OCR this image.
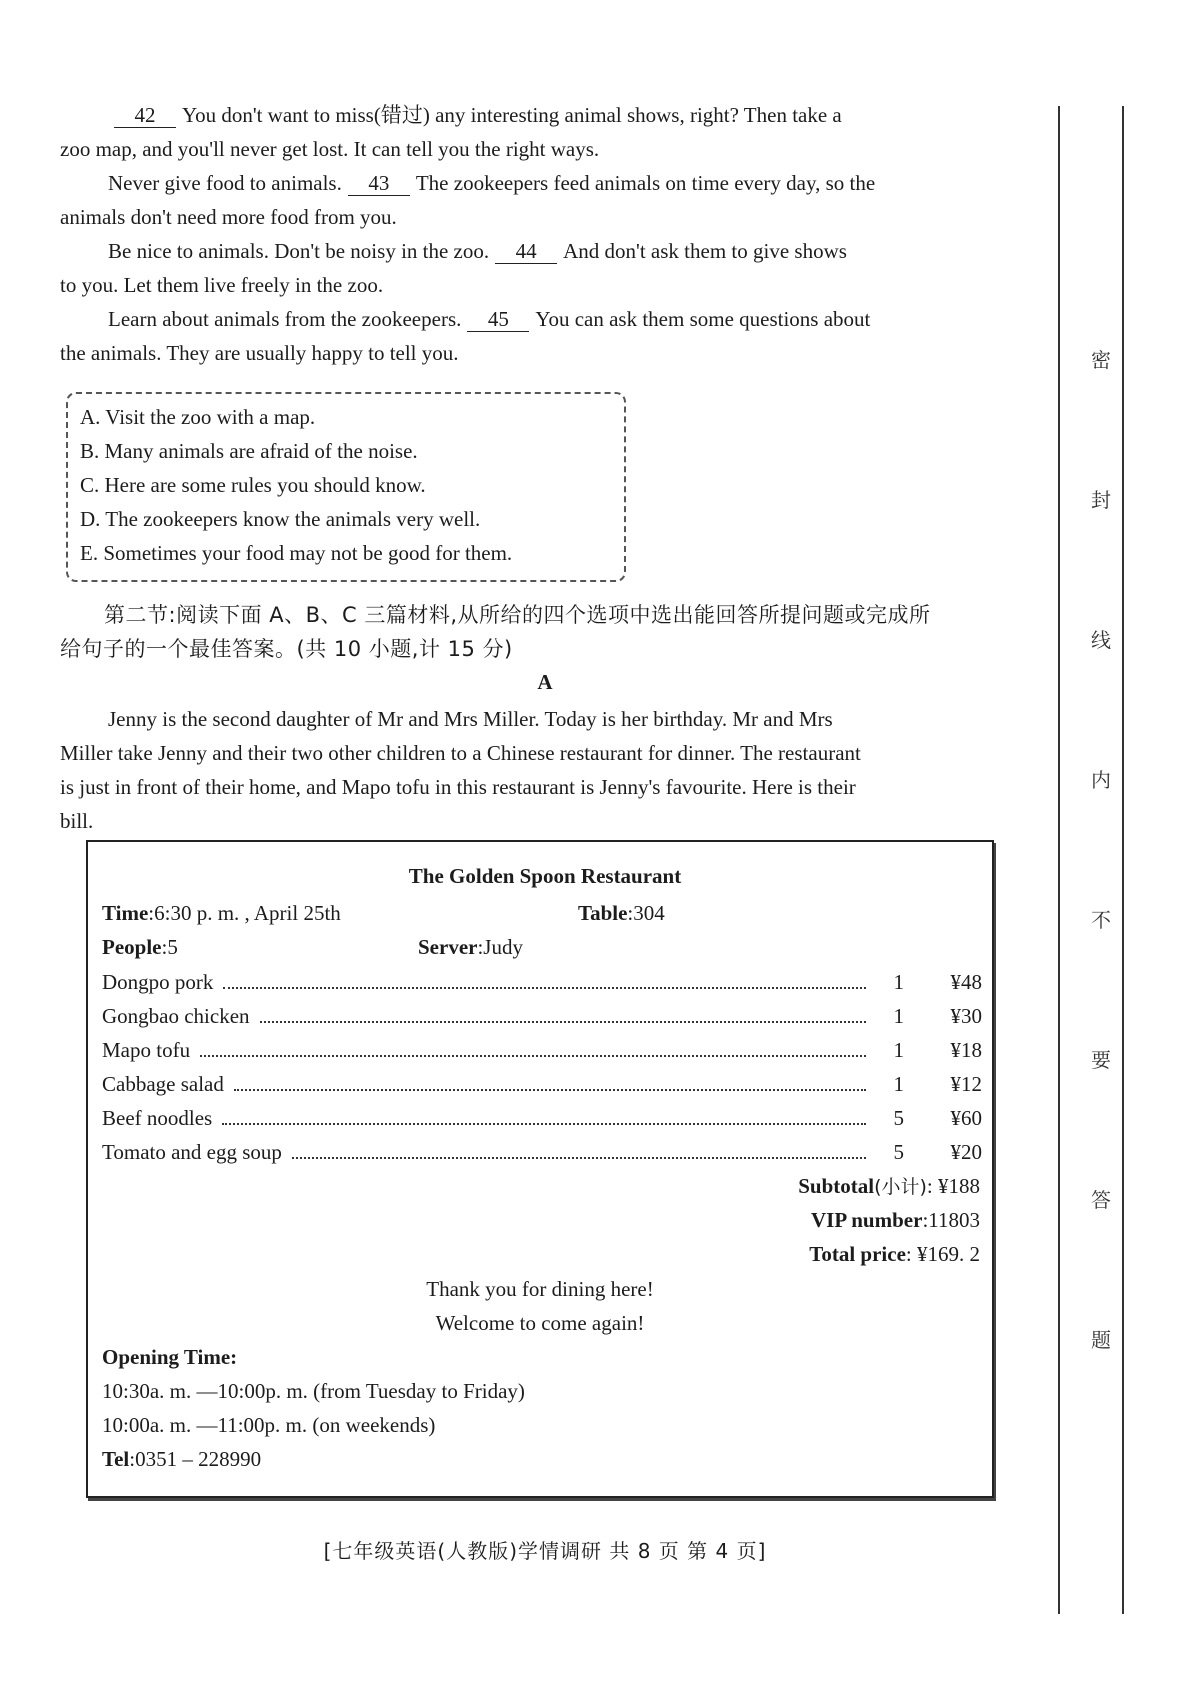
42 You don't want to miss(错过) any interesting animal shows, right? Then take a
zoo map, and you'll never get lost. It can tell you the right ways.
Never give food to animals. 43 The zookeepers feed animals on time every day, so the
animals don't need more food from you.
Be nice to animals. Don't be noisy in the zoo. 44 And don't ask them to give shows
to you. Let them live freely in the zoo.
Learn about animals from the zookeepers. 45 You can ask them some questions about
the animals. They are usually happy to tell you.
A. Visit the zoo with a map.
B. Many animals are afraid of the noise.
C. Here are some rules you should know.
D. The zookeepers know the animals very well.
E. Sometimes your food may not be good for them.
第二节:阅读下面 A、B、C 三篇材料,从所给的四个选项中选出能回答所提问题或完成所
给句子的一个最佳答案。(共 10 小题,计 15 分)
A
Jenny is the second daughter of Mr and Mrs Miller. Today is her birthday. Mr and Mrs
Miller take Jenny and their two other children to a Chinese restaurant for dinner. The restaurant
is just in front of their home, and Mapo tofu in this restaurant is Jenny's favourite. Here is their
bill.
The Golden Spoon Restaurant
Time:6:30 p. m. , April 25th	Table:304
People:5	Server:Judy
Dongpo pork	1	¥48
Gongbao chicken	1	¥30
Mapo tofu	1	¥18
Cabbage salad	1	¥12
Beef noodles	5	¥60
Tomato and egg soup	5	¥20
Subtotal(小计): ¥188
VIP number:11803
Total price: ¥169. 2
Thank you for dining here!
Welcome to come again!
Opening Time:
10:30a. m. —10:00p. m. (from Tuesday to Friday)
10:00a. m. —11:00p. m. (on weekends)
Tel:0351 – 228990
[七年级英语(人教版)学情调研 共 8 页 第 4 页]
密
封
线
内
不
要
答
题
